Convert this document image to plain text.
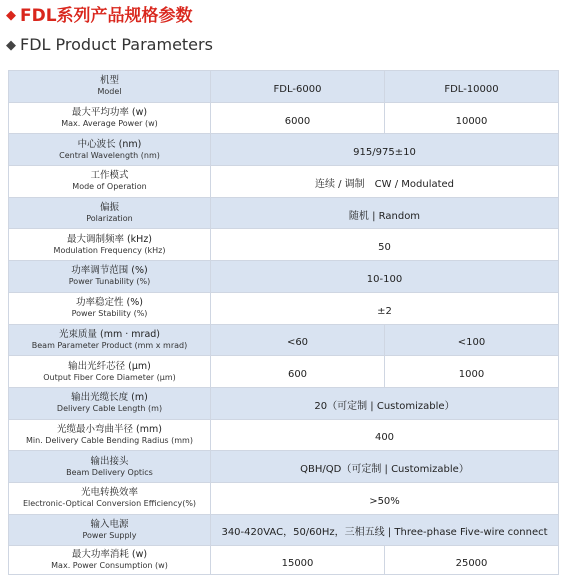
◆ FDL系列产品规格参数
◆ FDL Product Parameters
机型
Model	FDL-6000	FDL-10000

最大平均功率 (w)
Max. Average Power (w)	6000	10000

中心波长 (nm)
Central Wavelength (nm)	915/975±10	

工作模式
Mode of Operation	连续 / 调制　CW / Modulated	

偏振
Polarization	随机 | Random	

最大调制频率 (kHz)
Modulation Frequency (kHz)	50	

功率调节范围 (%)
Power Tunability (%)	10-100	

功率稳定性 (%)
Power Stability (%)	±2	

光束质量 (mm · mrad)
Beam Parameter Product (mm x mrad)	<60	<100

输出光纤芯径 (μm)
Output Fiber Core Diameter (μm)	600	1000

输出光缆长度 (m)
Delivery Cable Length (m)	20（可定制 | Customizable）	

光缆最小弯曲半径 (mm)
Min. Delivery Cable Bending Radius (mm)	400	

输出接头
Beam Delivery Optics	QBH/QD（可定制 | Customizable）	

光电转换效率
Electronic-Optical Conversion Efficiency(%)	>50%	

输入电源
Power Supply	340-420VAC，50/60Hz，三相五线 | Three-phase Five-wire connect	

最大功率消耗 (w)
Max. Power Consumption (w)	15000	25000
